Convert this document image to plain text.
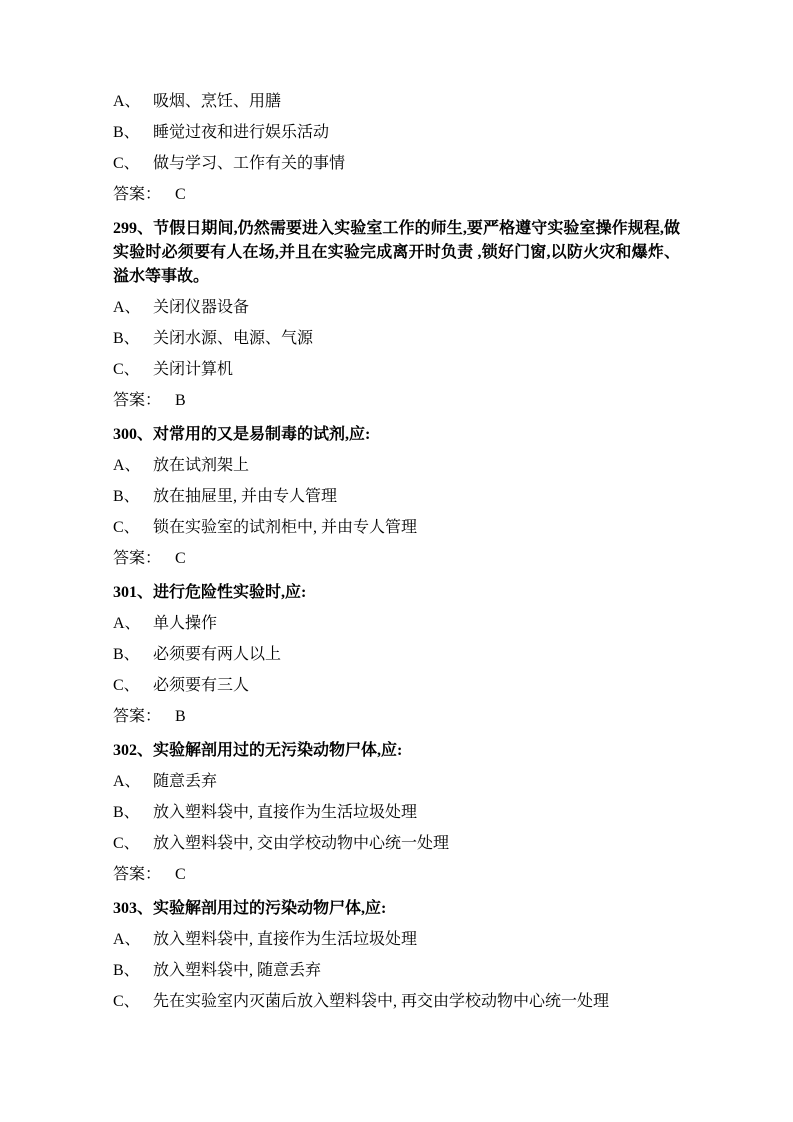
A、 吸烟、烹饪、用膳

B、 睡觉过夜和进行娱乐活动

C、 做与学习、工作有关的事情

答案： C

299、节假日期间,仍然需要进入实验室工作的师生,要严格遵守实验室操作规程,做实验时必须要有人在场,并且在实验完成离开时负责 ,锁好门窗,以防火灾和爆炸、溢水等事故。

A、 关闭仪器设备

B、 关闭水源、电源、气源

C、 关闭计算机

答案： B

300、对常用的又是易制毒的试剂,应:

A、 放在试剂架上

B、 放在抽屉里, 并由专人管理

C、 锁在实验室的试剂柜中, 并由专人管理

答案： C

301、进行危险性实验时,应:

A、 单人操作

B、 必须要有两人以上

C、 必须要有三人

答案： B

302、实验解剖用过的无污染动物尸体,应:

A、 随意丢弃

B、 放入塑料袋中, 直接作为生活垃圾处理

C、 放入塑料袋中, 交由学校动物中心统一处理

答案： C

303、实验解剖用过的污染动物尸体,应:

A、 放入塑料袋中, 直接作为生活垃圾处理

B、 放入塑料袋中, 随意丢弃

C、 先在实验室内灭菌后放入塑料袋中, 再交由学校动物中心统一处理
